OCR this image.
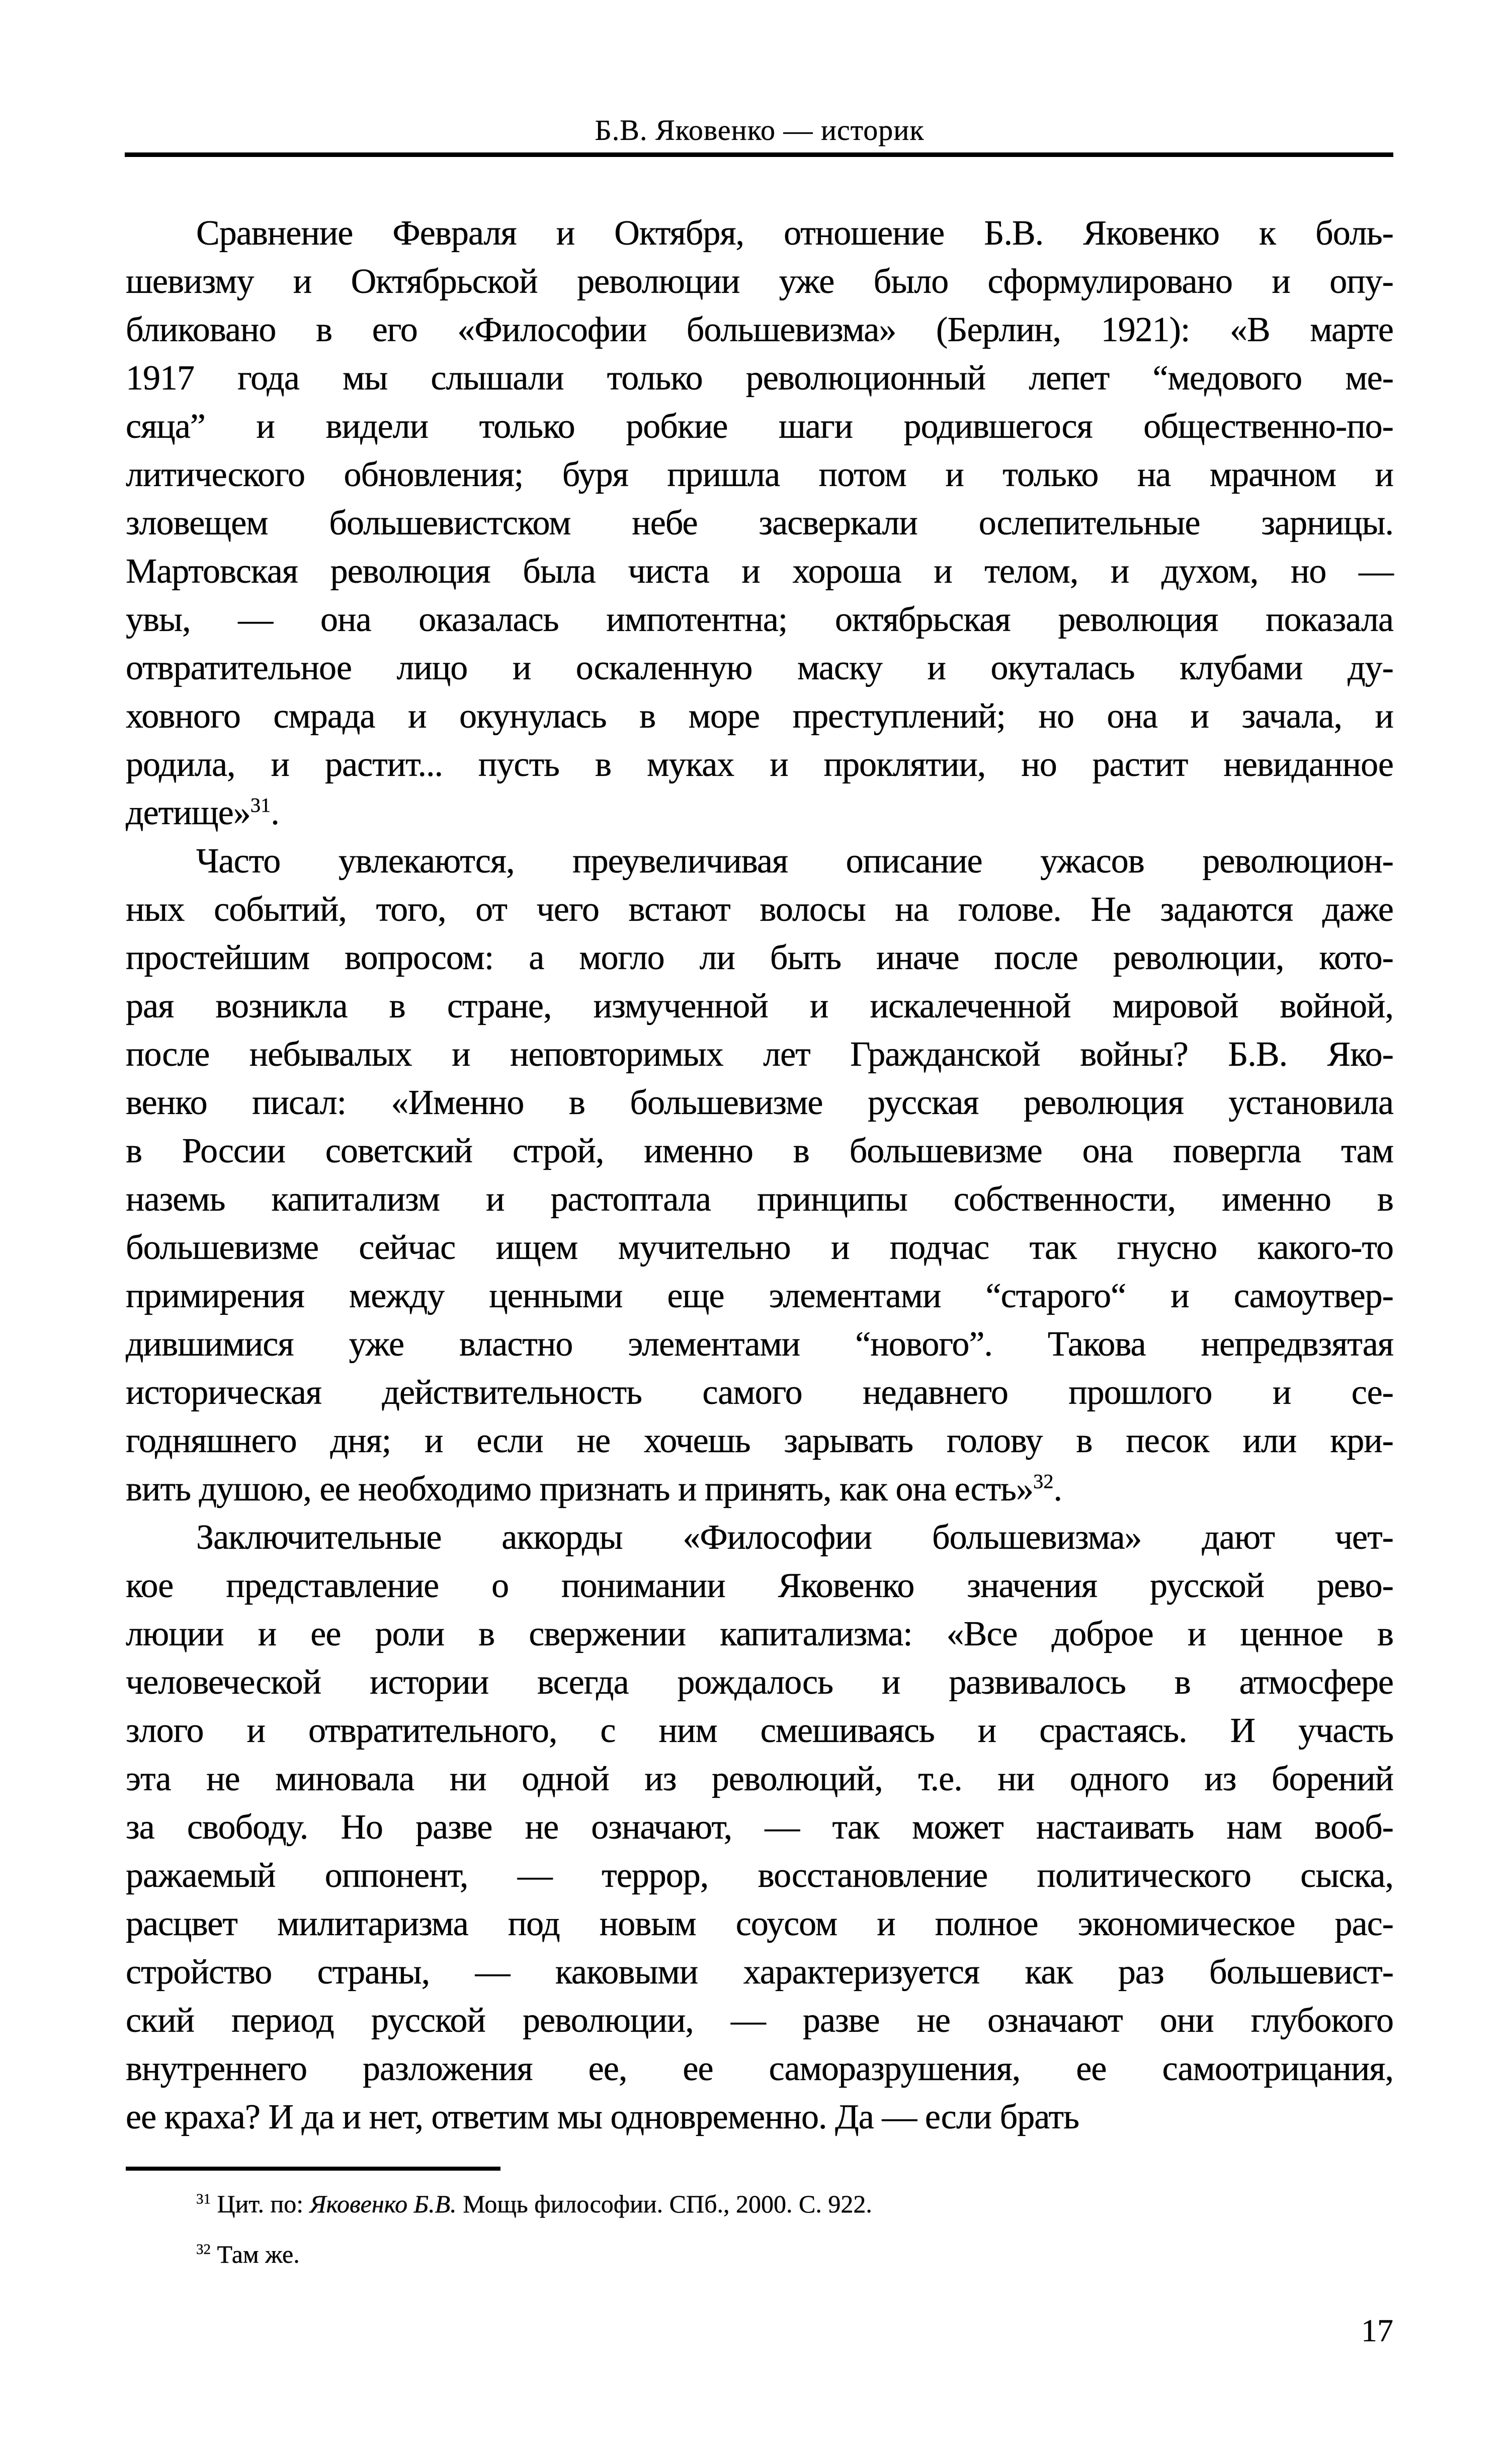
Б.В. Яковенко — историк
Сравнение Февраля и Октября, отношение Б.В. Яковенко к боль-
шевизму и Октябрьской революции уже было сформулировано и опу-
бликовано в его «Философии большевизма» (Берлин, 1921): «В марте
1917 года мы слышали только революционный лепет “медового ме-
сяца” и видели только робкие шаги родившегося общественно-по-
литического обновления; буря пришла потом и только на мрачном и
зловещем большевистском небе засверкали ослепительные зарницы.
Мартовская революция была чиста и хороша и телом, и духом, но —
увы, — она оказалась импотентна; октябрьская революция показала
отвратительное лицо и оскаленную маску и окуталась клубами ду-
ховного смрада и окунулась в море преступлений; но она и зачала, и
родила, и растит... пусть в муках и проклятии, но растит невиданное
детище»$^{31}$.
Часто увлекаются, преувеличивая описание ужасов революцион-
ных событий, того, от чего встают волосы на голове. Не задаются даже
простейшим вопросом: а могло ли быть иначе после революции, кото-
рая возникла в стране, измученной и искалеченной мировой войной,
после небывалых и неповторимых лет Гражданской войны? Б.В. Яко-
венко писал: «Именно в большевизме русская революция установила
в России советский строй, именно в большевизме она повергла там
наземь капитализм и растоптала принципы собственности, именно в
большевизме сейчас ищем мучительно и подчас так гнусно какого-то
примирения между ценными еще элементами “старого“ и самоутвер-
дившимися уже властно элементами “нового”. Такова непредвзятая
историческая действительность самого недавнего прошлого и се-
годняшнего дня; и если не хочешь зарывать голову в песок или кри-
вить душою, ее необходимо признать и принять, как она есть»$^{32}$.
Заключительные аккорды «Философии большевизма» дают чет-
кое представление о понимании Яковенко значения русской рево-
люции и ее роли в свержении капитализма: «Все доброе и ценное в
человеческой истории всегда рождалось и развивалось в атмосфере
злого и отвратительного, с ним смешиваясь и срастаясь. И участь
эта не миновала ни одной из революций, т.е. ни одного из борений
за свободу. Но разве не означают, — так может настаивать нам вооб-
ражаемый оппонент, — террор, восстановление политического сыска,
расцвет милитаризма под новым соусом и полное экономическое рас-
стройство страны, — каковыми характеризуется как раз большевист-
ский период русской революции, — разве не означают они глубокого
внутреннего разложения ее, ее саморазрушения, ее самоотрицания,
ее краха? И да и нет, ответим мы одновременно. Да — если брать
$^{31}$ Цит. по: Яковенко Б.В. Мощь философии. СПб., 2000. С. 922.
$^{32}$ Там же.
17
